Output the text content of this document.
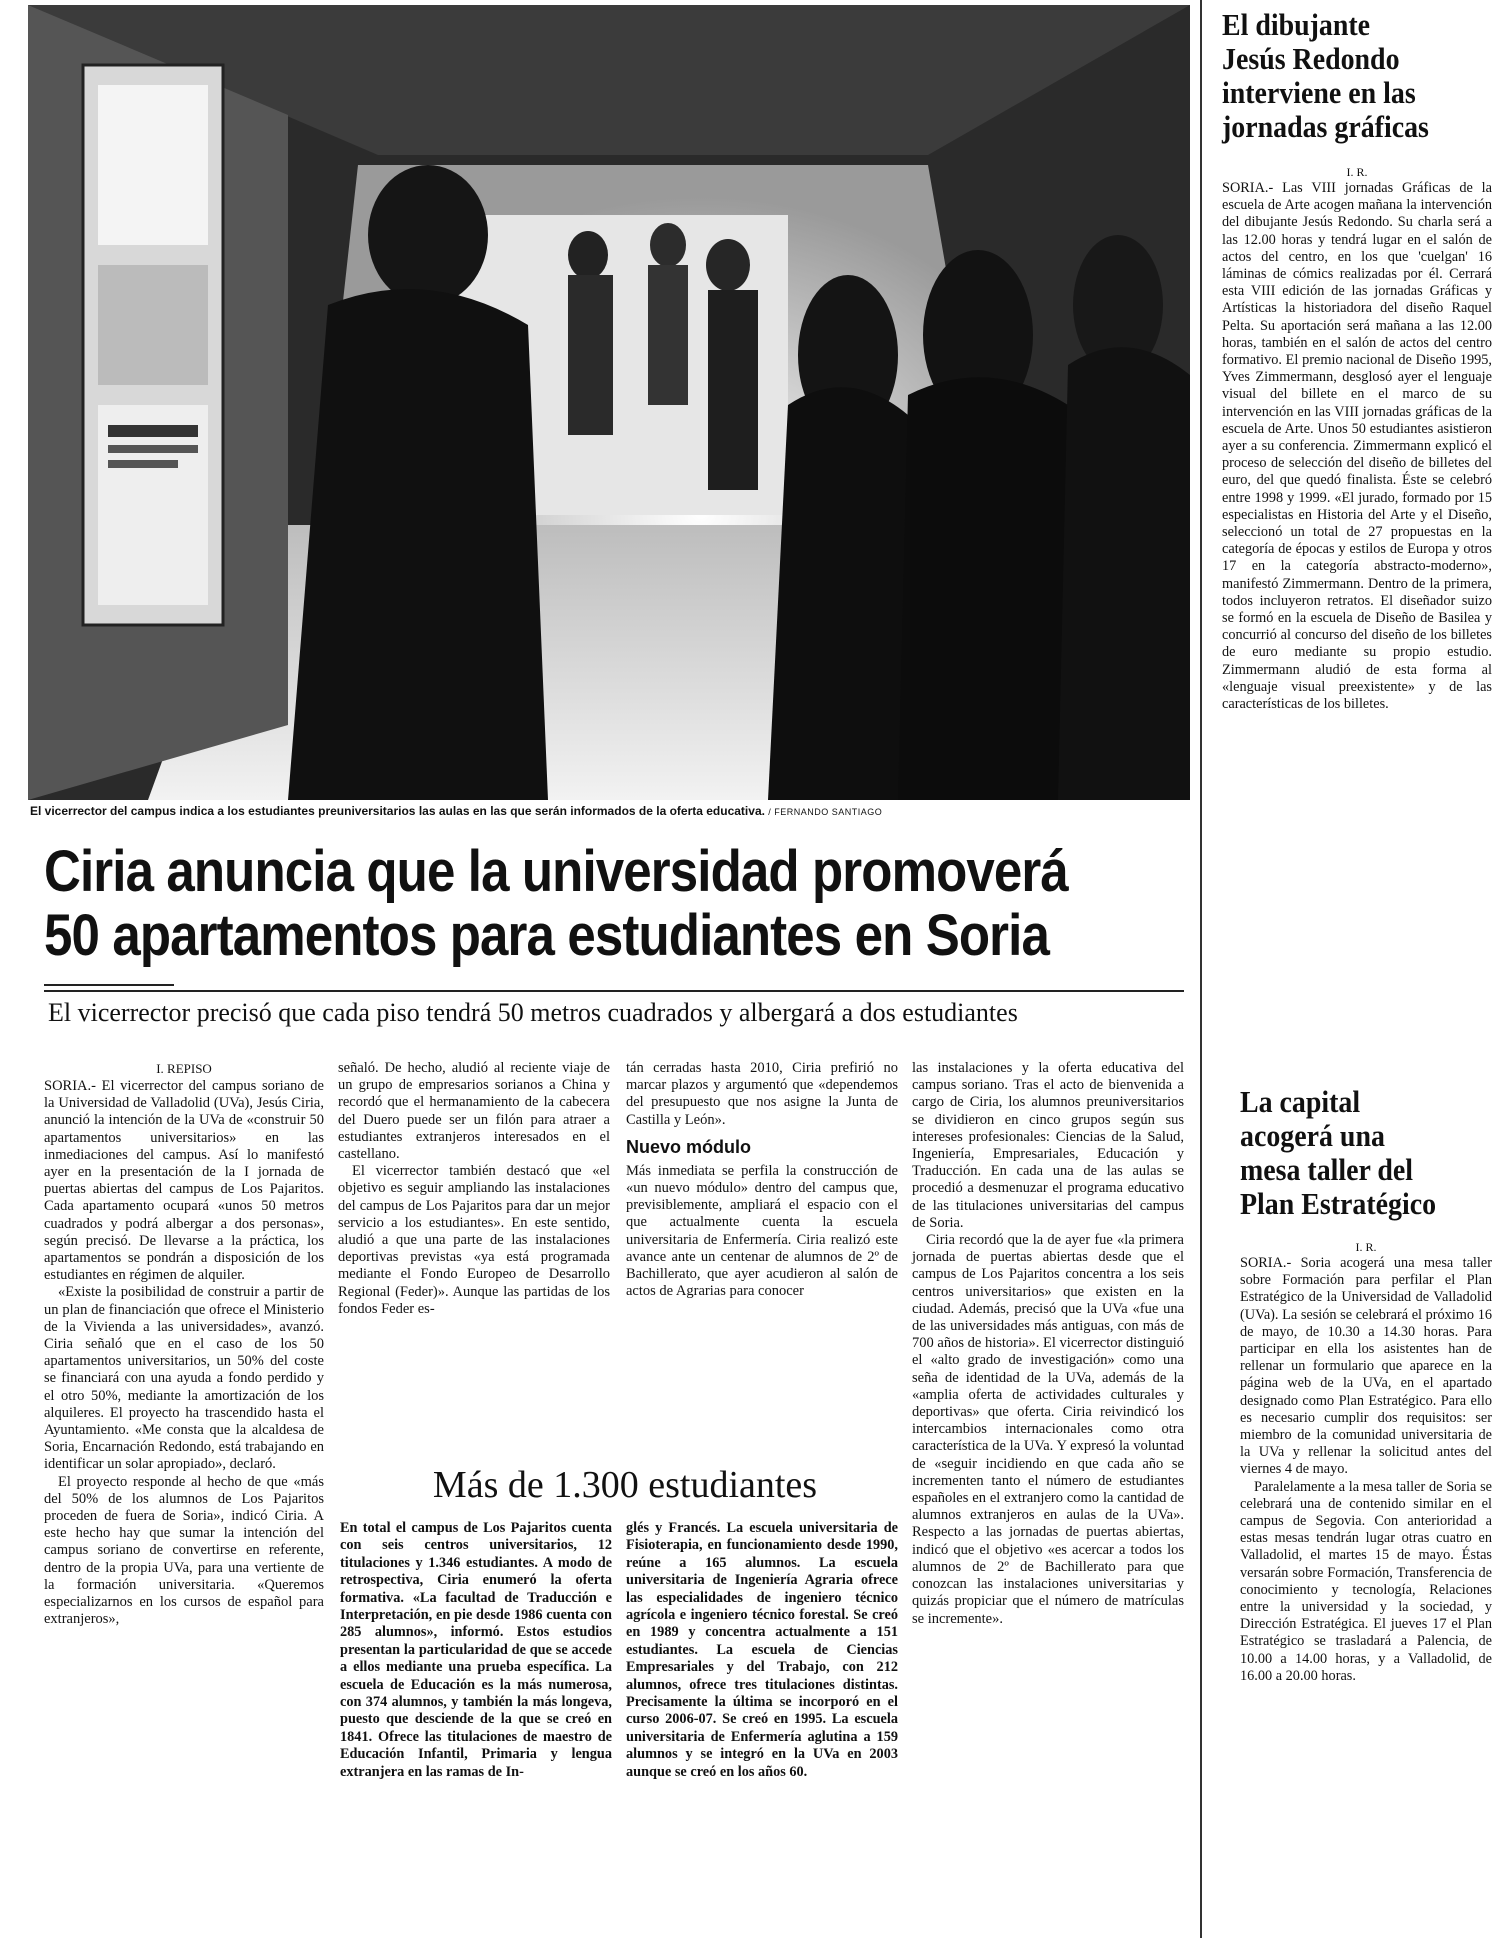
El vicerrector del campus indica a los estudiantes preuniversitarios las aulas en las que serán informados de la oferta educativa. / FERNANDO SANTIAGO
Ciria anuncia que la universidad promoverá
50 apartamentos para estudiantes en Soria
El vicerrector precisó que cada piso tendrá 50 metros cuadrados y albergará a dos estudiantes
I. REPISO

SORIA.- El vicerrector del campus soriano de la Universidad de Valladolid (UVa), Jesús Ciria, anunció la intención de la UVa de «construir 50 apartamentos universitarios» en las inmediaciones del campus. Así lo manifestó ayer en la presentación de la I jornada de puertas abiertas del campus de Los Pajaritos. Cada apartamento ocupará «unos 50 metros cuadrados y podrá albergar a dos personas», según precisó. De llevarse a la práctica, los apartamentos se pondrán a disposición de los estudiantes en régimen de alquiler.

«Existe la posibilidad de construir a partir de un plan de financiación que ofrece el Ministerio de la Vivienda a las universidades», avanzó. Ciria señaló que en el caso de los 50 apartamentos universitarios, un 50% del coste se financiará con una ayuda a fondo perdido y el otro 50%, mediante la amortización de los alquileres. El proyecto ha trascendido hasta el Ayuntamiento. «Me consta que la alcaldesa de Soria, Encarnación Redondo, está trabajando en identificar un solar apropiado», declaró.

El proyecto responde al hecho de que «más del 50% de los alumnos de Los Pajaritos proceden de fuera de Soria», indicó Ciria. A este hecho hay que sumar la intención del campus soriano de convertirse en referente, dentro de la propia UVa, para una vertiente de la formación universitaria. «Queremos especializarnos en los cursos de español para extranjeros»,

señaló. De hecho, aludió al reciente viaje de un grupo de empresarios sorianos a China y recordó que el hermanamiento de la cabecera del Duero puede ser un filón para atraer a estudiantes extranjeros interesados en el castellano.

El vicerrector también destacó que «el objetivo es seguir ampliando las instalaciones del campus de Los Pajaritos para dar un mejor servicio a los estudiantes». En este sentido, aludió a que una parte de las instalaciones deportivas previstas «ya está programada mediante el Fondo Europeo de Desarrollo Regional (Feder)». Aunque las partidas de los fondos Feder es-

tán cerradas hasta 2010, Ciria prefirió no marcar plazos y argumentó que «dependemos del presupuesto que nos asigne la Junta de Castilla y León».

Nuevo módulo

Más inmediata se perfila la construcción de «un nuevo módulo» dentro del campus que, previsiblemente, ampliará el espacio con el que actualmente cuenta la escuela universitaria de Enfermería. Ciria realizó este avance ante un centenar de alumnos de 2º de Bachillerato, que ayer acudieron al salón de actos de Agrarias para conocer

las instalaciones y la oferta educativa del campus soriano. Tras el acto de bienvenida a cargo de Ciria, los alumnos preuniversitarios se dividieron en cinco grupos según sus intereses profesionales: Ciencias de la Salud, Ingeniería, Empresariales, Educación y Traducción. En cada una de las aulas se procedió a desmenuzar el programa educativo de las titulaciones universitarias del campus de Soria.

Ciria recordó que la de ayer fue «la primera jornada de puertas abiertas desde que el campus de Los Pajaritos concentra a los seis centros universitarios» que existen en la ciudad. Además, precisó que la UVa «fue una de las universidades más antiguas, con más de 700 años de historia». El vicerrector distinguió el «alto grado de investigación» como una seña de identidad de la UVa, además de la «amplia oferta de actividades culturales y deportivas» que oferta. Ciria reivindicó los intercambios internacionales como otra característica de la UVa. Y expresó la voluntad de «seguir incidiendo en que cada año se incrementen tanto el número de estudiantes españoles en el extranjero como la cantidad de alumnos extranjeros en aulas de la UVa». Respecto a las jornadas de puertas abiertas, indicó que el objetivo «es acercar a todos los alumnos de 2º de Bachillerato para que conozcan las instalaciones universitarias y quizás propiciar que el número de matrículas se incremente».

Más de 1.300 estudiantes

En total el campus de Los Pajaritos cuenta con seis centros universitarios, 12 titulaciones y 1.346 estudiantes. A modo de retrospectiva, Ciria enumeró la oferta formativa. «La facultad de Traducción e Interpretación, en pie desde 1986 cuenta con 285 alumnos», informó. Estos estudios presentan la particularidad de que se accede a ellos mediante una prueba específica. La escuela de Educación es la más numerosa, con 374 alumnos, y también la más longeva, puesto que desciende de la que se creó en 1841. Ofrece las titulaciones de maestro de Educación Infantil, Primaria y lengua extranjera en las ramas de In-

glés y Francés. La escuela universitaria de Fisioterapia, en funcionamiento desde 1990, reúne a 165 alumnos. La escuela universitaria de Ingeniería Agraria ofrece las especialidades de ingeniero técnico agrícola e ingeniero técnico forestal. Se creó en 1989 y concentra actualmente a 151 estudiantes. La escuela de Ciencias Empresariales y del Trabajo, con 212 alumnos, ofrece tres titulaciones distintas. Precisamente la última se incorporó en el curso 2006-07. Se creó en 1995. La escuela universitaria de Enfermería aglutina a 159 alumnos y se integró en la UVa en 2003 aunque se creó en los años 60.

El dibujante
Jesús Redondo
interviene en las
jornadas gráficas
I. R.

SORIA.- Las VIII jornadas Gráficas de la escuela de Arte acogen mañana la intervención del dibujante Jesús Redondo. Su charla será a las 12.00 horas y tendrá lugar en el salón de actos del centro, en los que 'cuelgan' 16 láminas de cómics realizadas por él. Cerrará esta VIII edición de las jornadas Gráficas y Artísticas la historiadora del diseño Raquel Pelta. Su aportación será mañana a las 12.00 horas, también en el salón de actos del centro formativo. El premio nacional de Diseño 1995, Yves Zimmermann, desglosó ayer el lenguaje visual del billete en el marco de su intervención en las VIII jornadas gráficas de la escuela de Arte. Unos 50 estudiantes asistieron ayer a su conferencia. Zimmermann explicó el proceso de selección del diseño de billetes del euro, del que quedó finalista. Éste se celebró entre 1998 y 1999. «El jurado, formado por 15 especialistas en Historia del Arte y el Diseño, seleccionó un total de 27 propuestas en la categoría de épocas y estilos de Europa y otros 17 en la categoría abstracto-moderno», manifestó Zimmermann. Dentro de la primera, todos incluyeron retratos. El diseñador suizo se formó en la escuela de Diseño de Basilea y concurrió al concurso del diseño de los billetes de euro mediante su propio estudio. Zimmermann aludió de esta forma al «lenguaje visual preexistente» y de las características de los billetes.

La capital
acogerá una
mesa taller del
Plan Estratégico
I. R.

SORIA.- Soria acogerá una mesa taller sobre Formación para perfilar el Plan Estratégico de la Universidad de Valladolid (UVa). La sesión se celebrará el próximo 16 de mayo, de 10.30 a 14.30 horas. Para participar en ella los asistentes han de rellenar un formulario que aparece en la página web de la UVa, en el apartado designado como Plan Estratégico. Para ello es necesario cumplir dos requisitos: ser miembro de la comunidad universitaria de la UVa y rellenar la solicitud antes del viernes 4 de mayo.

Paralelamente a la mesa taller de Soria se celebrará una de contenido similar en el campus de Segovia. Con anterioridad a estas mesas tendrán lugar otras cuatro en Valladolid, el martes 15 de mayo. Éstas versarán sobre Formación, Transferencia de conocimiento y tecnología, Relaciones entre la universidad y la sociedad, y Dirección Estratégica. El jueves 17 el Plan Estratégico se trasladará a Palencia, de 10.00 a 14.00 horas, y a Valladolid, de 16.00 a 20.00 horas.
